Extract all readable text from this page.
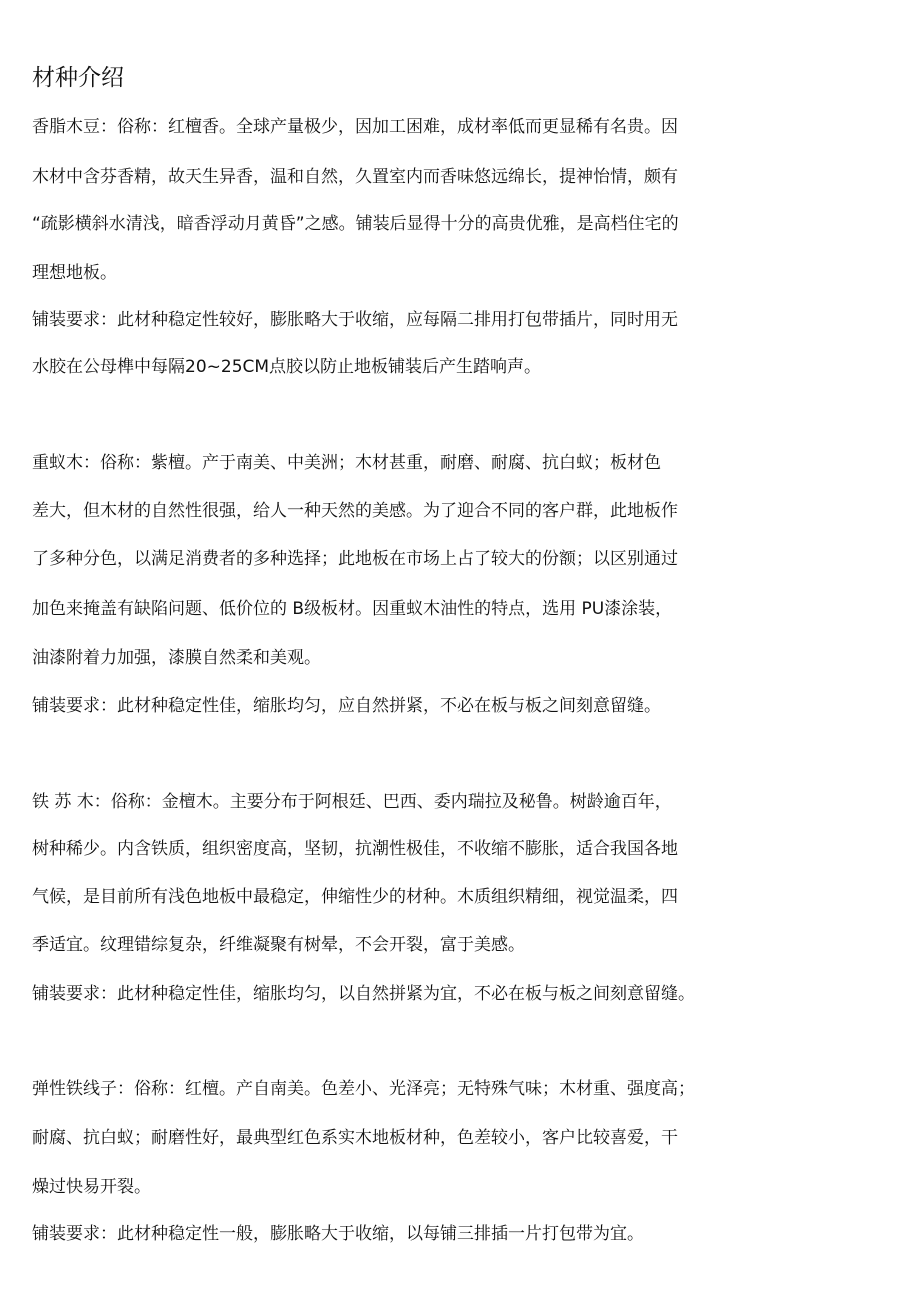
材种介绍
香脂木豆：俗称：红檀香。全球产量极少，因加工困难，成材率低而更显稀有名贵。因
木材中含芬香精，故天生异香，温和自然，久置室内而香味悠远绵长，提神怡情，颇有
“疏影横斜水清浅，暗香浮动月黄昏”之感。铺装后显得十分的高贵优雅，是高档住宅的
理想地板。
铺装要求：此材种稳定性较好，膨胀略大于收缩，应每隔二排用打包带插片，同时用无
水胶在公母榫中每隔20~25CM点胶以防止地板铺装后产生踏响声。
重蚁木：俗称：紫檀。产于南美、中美洲；木材甚重，耐磨、耐腐、抗白蚁；板材色
差大，但木材的自然性很强，给人一种天然的美感。为了迎合不同的客户群，此地板作
了多种分色，以满足消费者的多种选择；此地板在市场上占了较大的份额；以区别通过
加色来掩盖有缺陷问题、低价位的 B级板材。因重蚁木油性的特点，选用 PU漆涂装，
油漆附着力加强，漆膜自然柔和美观。
铺装要求：此材种稳定性佳，缩胀均匀，应自然拼紧，不必在板与板之间刻意留缝。
铁 苏 木：俗称：金檀木。主要分布于阿根廷、巴西、委内瑞拉及秘鲁。树龄逾百年，
树种稀少。内含铁质，组织密度高，坚韧，抗潮性极佳，不收缩不膨胀，适合我国各地
气候，是目前所有浅色地板中最稳定，伸缩性少的材种。木质组织精细，视觉温柔，四
季适宜。纹理错综复杂，纤维凝聚有树晕，不会开裂，富于美感。
铺装要求：此材种稳定性佳，缩胀均匀，以自然拼紧为宜，不必在板与板之间刻意留缝。
弹性铁线子：俗称：红檀。产自南美。色差小、光泽亮；无特殊气味；木材重、强度高；
耐腐、抗白蚁；耐磨性好，最典型红色系实木地板材种，色差较小，客户比较喜爱，干
燥过快易开裂。
铺装要求：此材种稳定性一般，膨胀略大于收缩，以每铺三排插一片打包带为宜。
